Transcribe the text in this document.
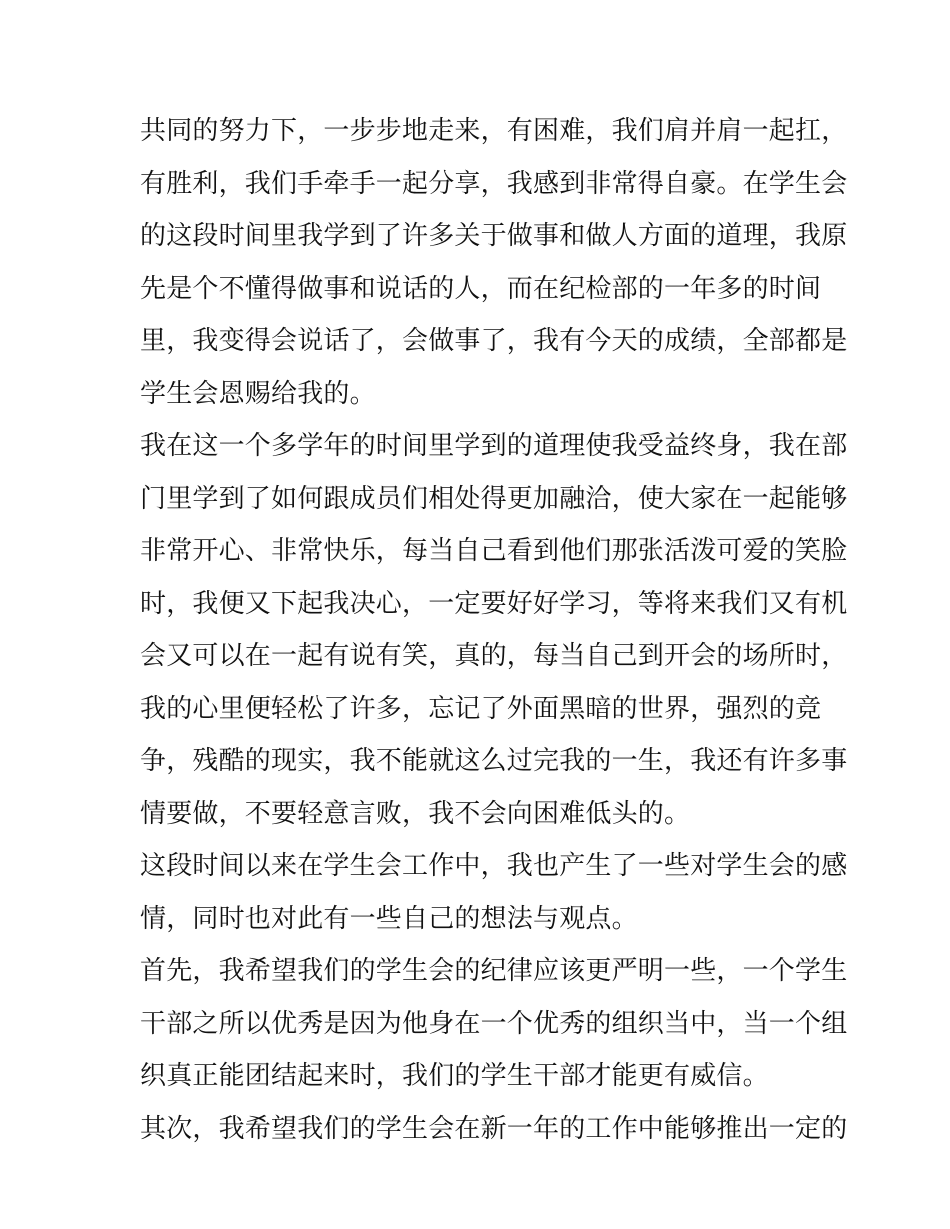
共同的努力下，一步步地走来，有困难，我们肩并肩一起扛，
有胜利，我们手牵手一起分享，我感到非常得自豪。在学生会
的这段时间里我学到了许多关于做事和做人方面的道理，我原
先是个不懂得做事和说话的人，而在纪检部的一年多的时间
里，我变得会说话了，会做事了，我有今天的成绩，全部都是
学生会恩赐给我的。
我在这一个多学年的时间里学到的道理使我受益终身，我在部
门里学到了如何跟成员们相处得更加融洽，使大家在一起能够
非常开心、非常快乐，每当自己看到他们那张活泼可爱的笑脸
时，我便又下起我决心，一定要好好学习，等将来我们又有机
会又可以在一起有说有笑，真的，每当自己到开会的场所时，
我的心里便轻松了许多，忘记了外面黑暗的世界，强烈的竞
争，残酷的现实，我不能就这么过完我的一生，我还有许多事
情要做，不要轻意言败，我不会向困难低头的。
这段时间以来在学生会工作中，我也产生了一些对学生会的感
情，同时也对此有一些自己的想法与观点。
首先，我希望我们的学生会的纪律应该更严明一些，一个学生
干部之所以优秀是因为他身在一个优秀的组织当中，当一个组
织真正能团结起来时，我们的学生干部才能更有威信。
其次，我希望我们的学生会在新一年的工作中能够推出一定的
